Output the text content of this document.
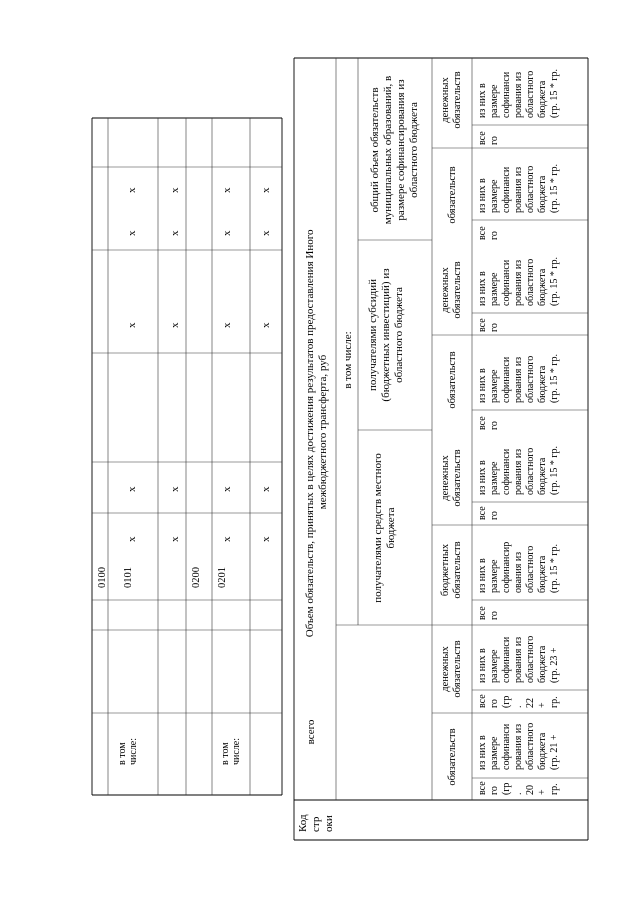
0100 0101	0200 0201
в томчисле:	в томчисле:
х
х
х
х
х
х
х
х
х
х
х
х
х
х
х
х
х
х
х
х
Объем обязательств, принятых в целях достижения результатов предоставления Иного межбюджетного трансферта, руб
Кодстроки
всего
в том числе:
получателями средств местногобюджета
получателями субсидий(бюджетных инвестиций) изобластного бюджета
общий объем обязательствмуниципальных образований, вразмере софинансирования изобластного бюджета
обязательств
денежныхобязательств
бюджетныхобязательств
денежныхобязательств
обязательств
денежныхобязательств
обязательств
денежныхобязательств
всего(гр.20+гр.
всего(гр.22+гр.
всего
всего
всего
всего
всего
всего
из них вразмересофинансирования изобластногобюджета(гр. 21 +
из них вразмересофинансирования изобластногобюджета(гр. 23 +
из них вразмересофинансирования изобластногобюджета(гр. 15 * гр.
из них вразмересофинансирования изобластногобюджета(гр. 15 * гр.
из них вразмересофинансирования изобластногобюджета(гр. 15 * гр.
из них вразмересофинансирования изобластногобюджета(гр. 15 * гр.
из них вразмересофинансирования изобластногобюджета(гр. 15 * гр.
из них вразмересофинансирования изобластногобюджета(гр. 15 * гр.
